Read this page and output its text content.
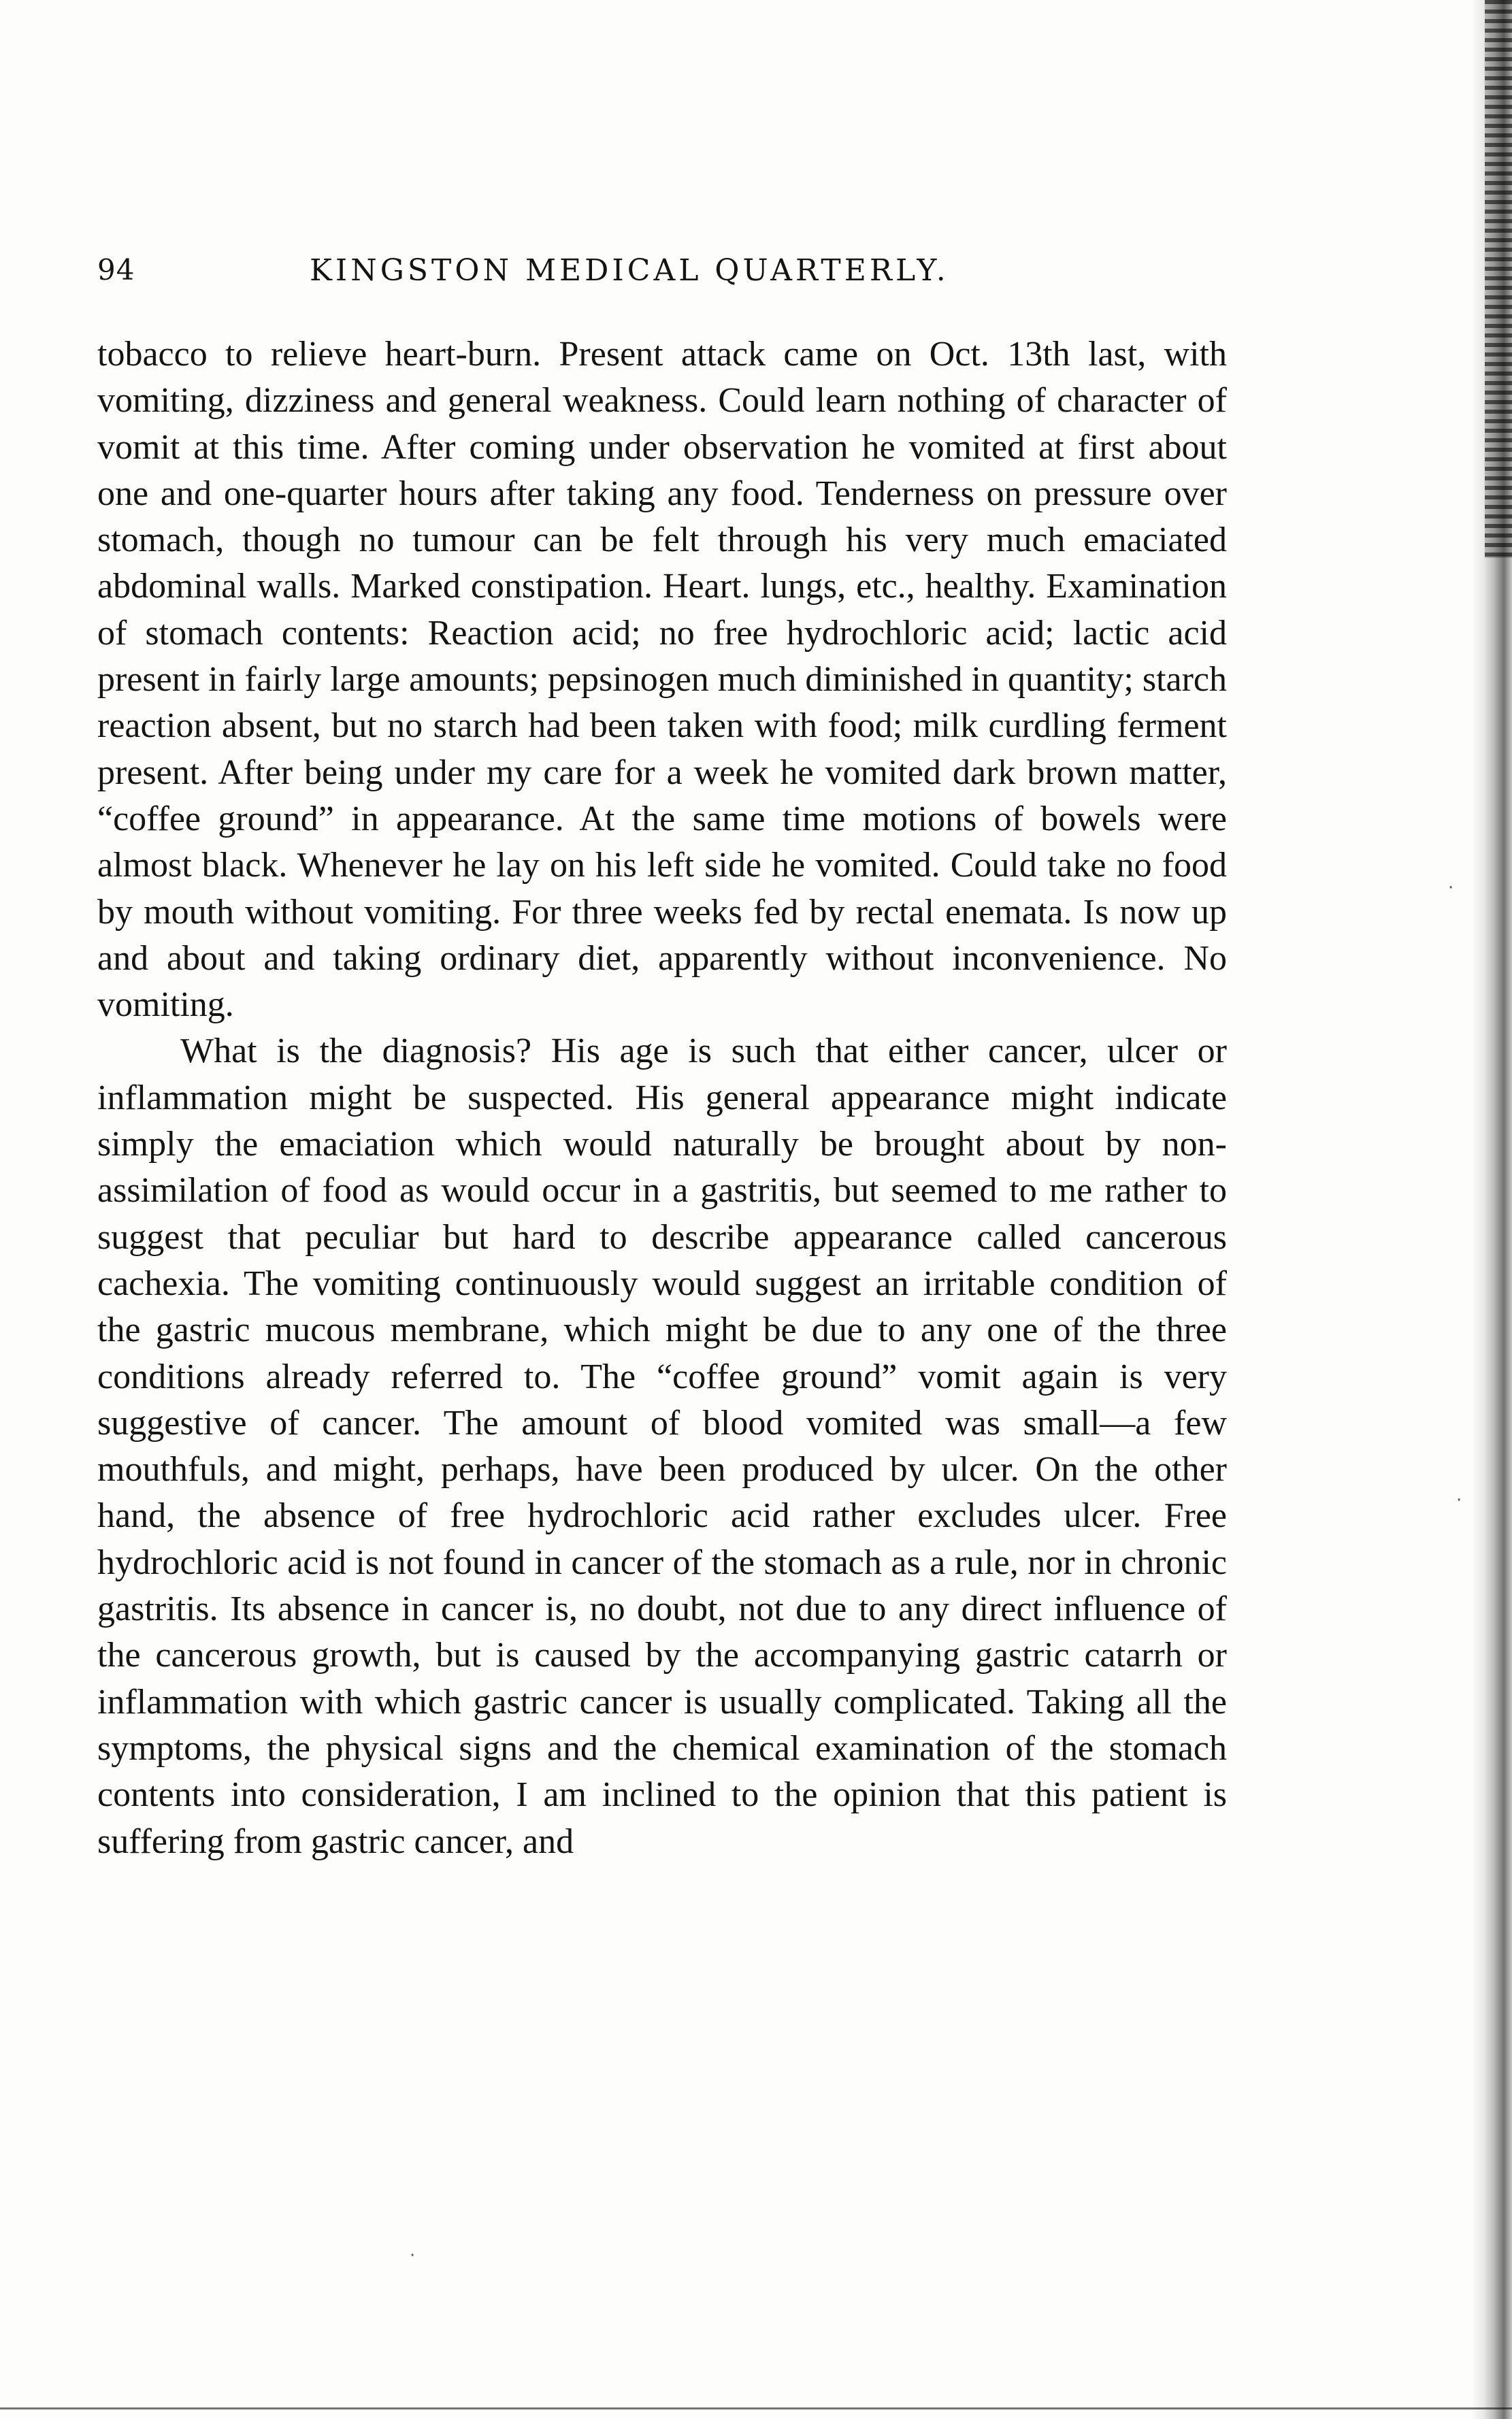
94	KINGSTON MEDICAL QUARTERLY.

tobacco to relieve heart-burn. Present attack came on Oct. 13th last, with vomiting, dizziness and general weakness. Could learn nothing of character of vomit at this time. After coming under observation he vomited at first about one and one-quarter hours after taking any food. Tenderness on pressure over stomach, though no tumour can be felt through his very much emaciated abdominal walls. Marked constipation. Heart. lungs, etc., healthy. Examination of stomach contents: Reaction acid; no free hydrochloric acid; lactic acid present in fairly large amounts; pepsinogen much diminished in quantity; starch reaction absent, but no starch had been taken with food; milk curdling ferment present. After being under my care for a week he vomited dark brown matter, “coffee ground” in appearance. At the same time motions of bowels were almost black. Whenever he lay on his left side he vomited. Could take no food by mouth without vomiting. For three weeks fed by rectal enemata. Is now up and about and taking ordinary diet, apparently without inconvenience. No vomiting.

What is the diagnosis? His age is such that either cancer, ulcer or inflammation might be suspected. His general appearance might indicate simply the emaciation which would naturally be brought about by non-assimilation of food as would occur in a gastritis, but seemed to me rather to suggest that peculiar but hard to describe appearance called cancerous cachexia. The vomiting continuously would suggest an irritable condition of the gastric mucous membrane, which might be due to any one of the three conditions already referred to. The “coffee ground” vomit again is very suggestive of cancer. The amount of blood vomited was small—a few mouthfuls, and might, perhaps, have been produced by ulcer. On the other hand, the absence of free hydrochloric acid rather excludes ulcer. Free hydrochloric acid is not found in cancer of the stomach as a rule, nor in chronic gastritis. Its absence in cancer is, no doubt, not due to any direct influence of the cancerous growth, but is caused by the accompanying gastric catarrh or inflammation with which gastric cancer is usually complicated. Taking all the symptoms, the physical signs and the chemical examination of the stomach contents into consideration, I am inclined to the opinion that this patient is suffering from gastric cancer, and

·
·
·
